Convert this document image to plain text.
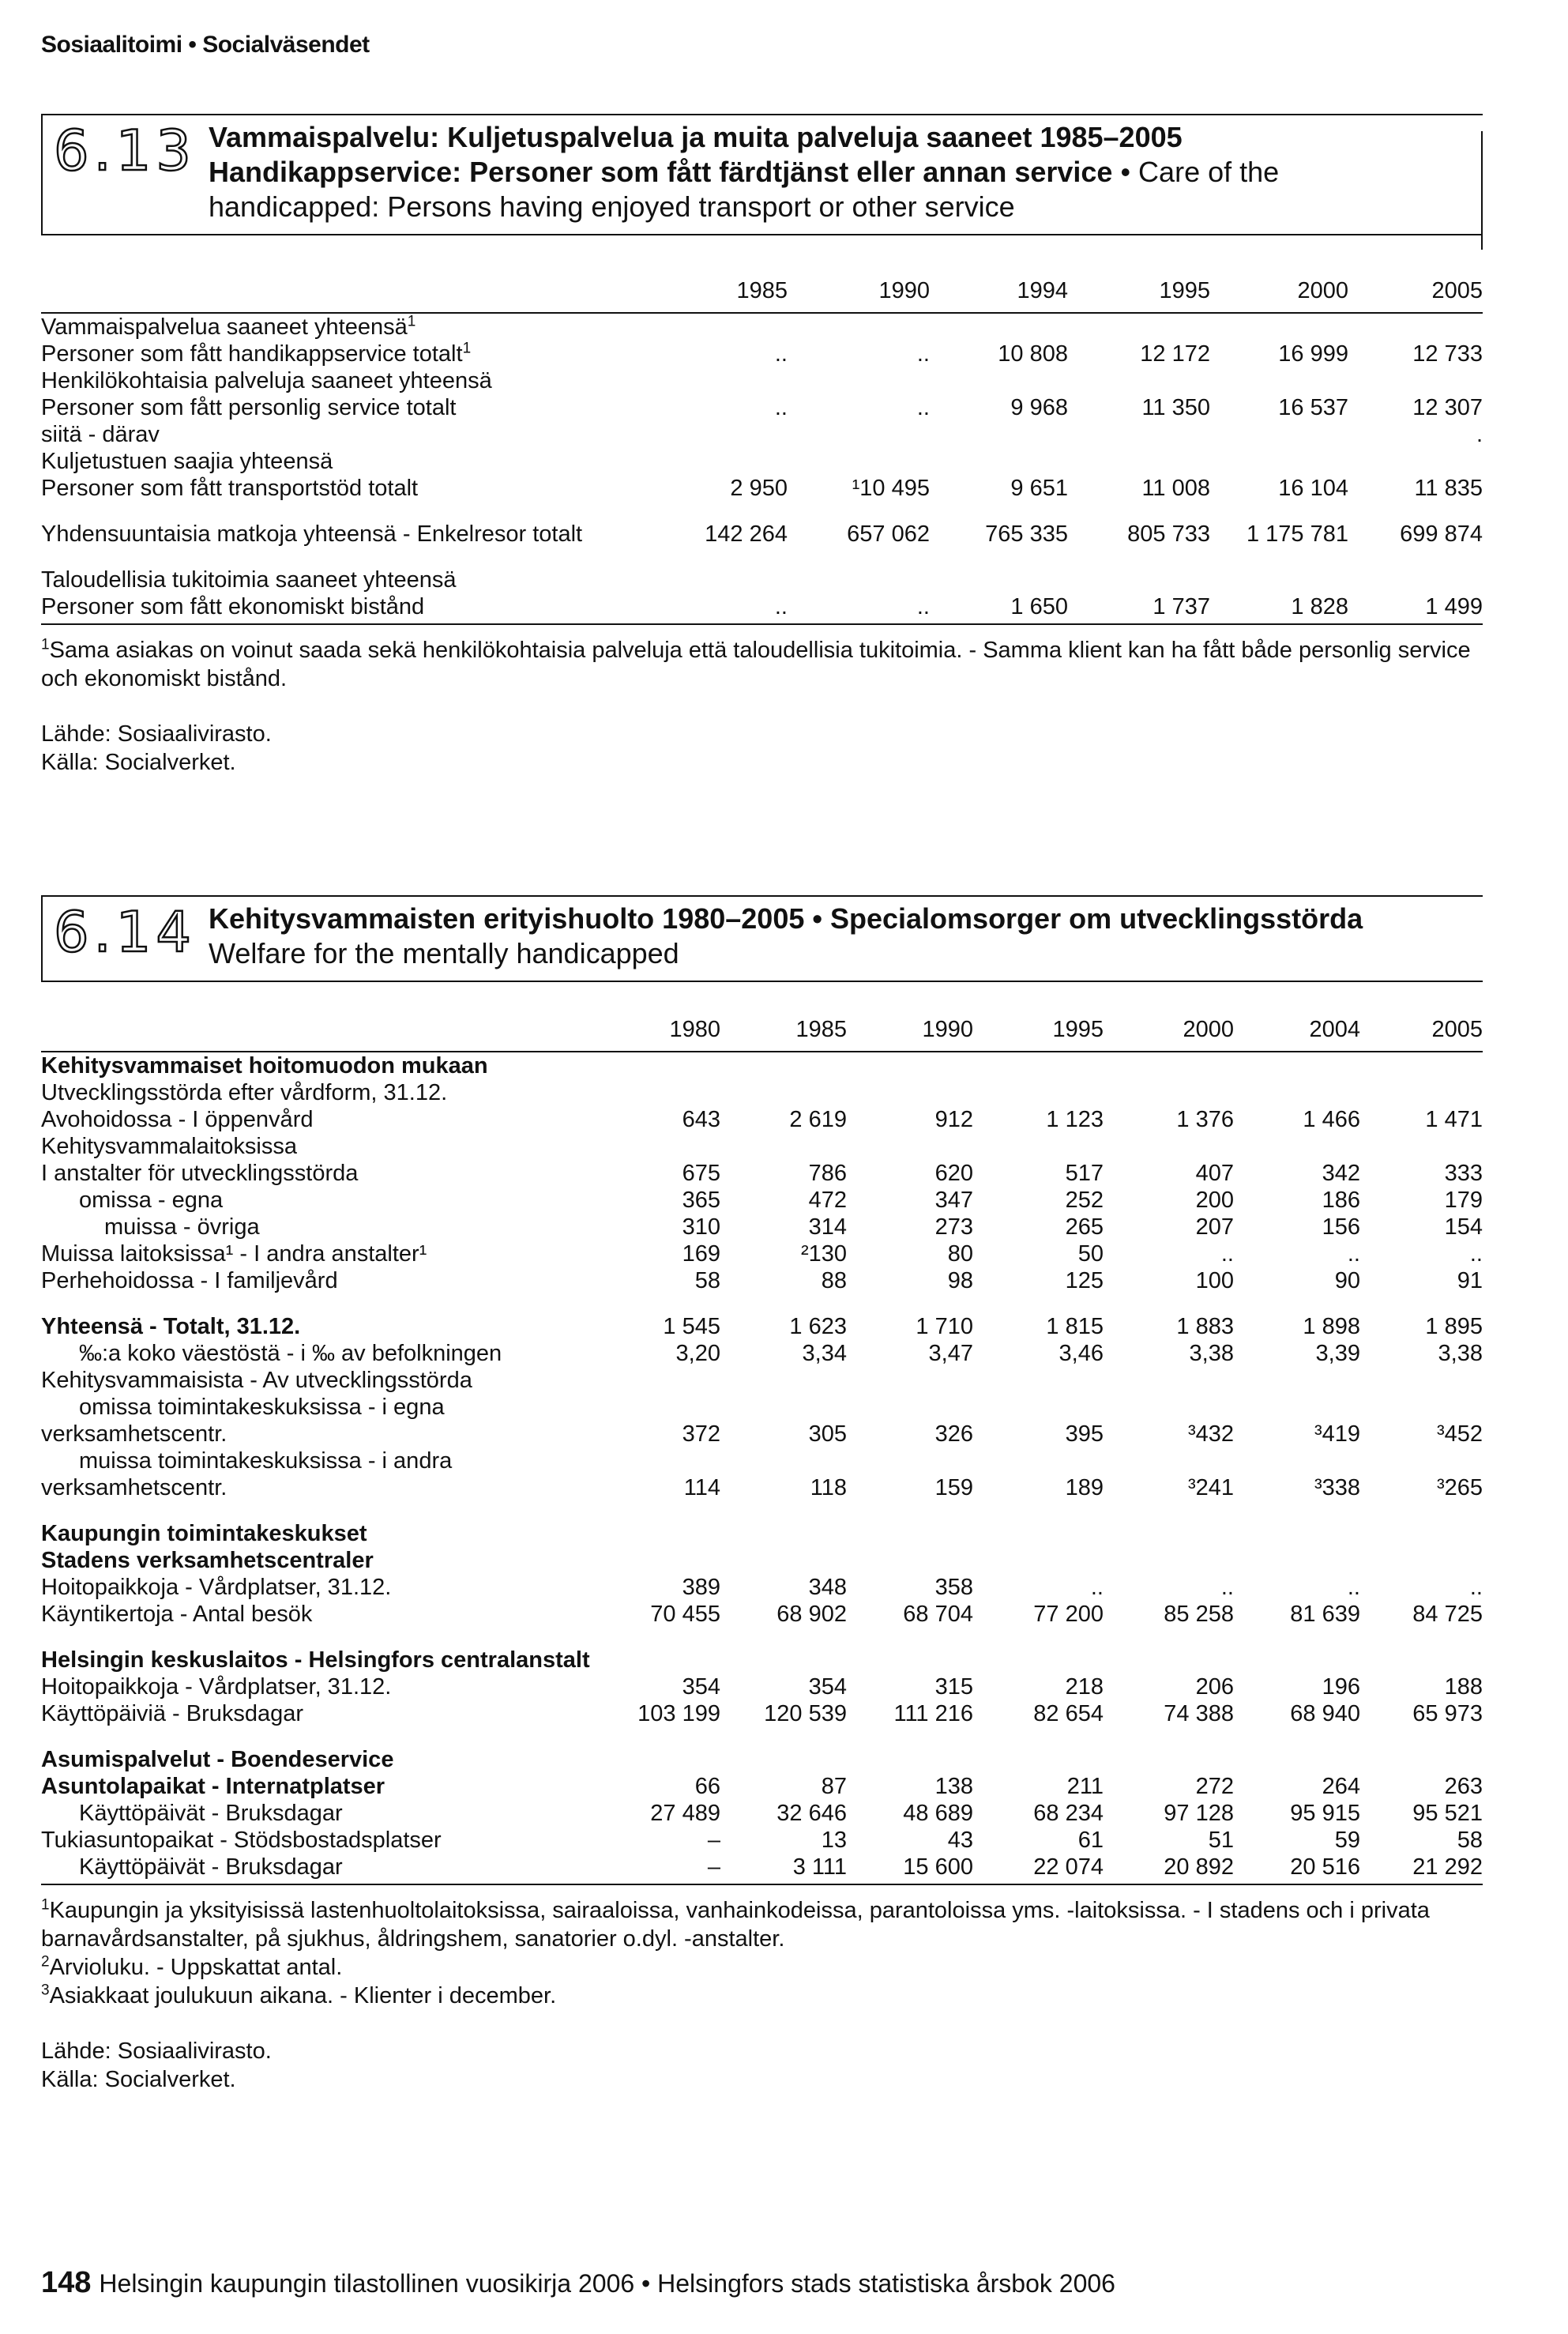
Sosiaalitoimi • Socialväsendet
6.13 Vammaispalvelu: Kuljetuspalvelua ja muita palveluja saaneet 1985–2005
Handikappservice: Personer som fått färdtjänst eller annan service • Care of the
handicapped: Persons having enjoyed transport or other service
	1985	1990	1994	1995	2000	2005
Vammaispalvelua saaneet yhteensä$^1$						
Personer som fått handikappservice totalt$^1$	..	..	10 808	12 172	16 999	12 733
Henkilökohtaisia palveluja saaneet yhteensä						
Personer som fått personlig service totalt	..	..	9 968	11 350	16 537	12 307
siitä - därav						.
Kuljetustuen saajia yhteensä						
Personer som fått transportstöd totalt	2 950	¹10 495	9 651	11 008	16 104	11 835

Yhdensuuntaisia matkoja yhteensä - Enkelresor totalt	142 264	657 062	765 335	805 733	1 175 781	699 874

Taloudellisia tukitoimia saaneet yhteensä						
Personer som fått ekonomiskt bistånd	..	..	1 650	1 737	1 828	1 499
$^1$Sama asiakas on voinut saada sekä henkilökohtaisia palveluja että taloudellisia tukitoimia. - Samma klient kan ha fått både personlig service och ekonomiskt bistånd.
Lähde: Sosiaalivirasto.
Källa: Socialverket.
6.14 Kehitysvammaisten erityishuolto 1980–2005 • Specialomsorger om utvecklingsstörda
Welfare for the mentally handicapped
	1980	1985	1990	1995	2000	2004	2005
Kehitysvammaiset hoitomuodon mukaan							
Utvecklingsstörda efter vårdform, 31.12.							
Avohoidossa - I öppenvård	643	2 619	912	1 123	1 376	1 466	1 471
Kehitysvammalaitoksissa							
I anstalter för utvecklingsstörda	675	786	620	517	407	342	333
omissa - egna	365	472	347	252	200	186	179
muissa - övriga	310	314	273	265	207	156	154
Muissa laitoksissa¹ - I andra anstalter¹	169	²130	80	50	..	..	..
Perhehoidossa - I familjevård	58	88	98	125	100	90	91

Yhteensä - Totalt, 31.12.	1 545	1 623	1 710	1 815	1 883	1 898	1 895
‰:a koko väestöstä - i ‰ av befolkningen	3,20	3,34	3,47	3,46	3,38	3,39	3,38
Kehitysvammaisista - Av utvecklingsstörda							
omissa toimintakeskuksissa - i egna							
verksamhetscentr.	372	305	326	395	³432	³419	³452
muissa toimintakeskuksissa - i andra							
verksamhetscentr.	114	118	159	189	³241	³338	³265

Kaupungin toimintakeskukset							
Stadens verksamhetscentraler							
Hoitopaikkoja - Vårdplatser, 31.12.	389	348	358	..	..	..	..
Käyntikertoja - Antal besök	70 455	68 902	68 704	77 200	85 258	81 639	84 725

Helsingin keskuslaitos - Helsingfors centralanstalt							
Hoitopaikkoja - Vårdplatser, 31.12.	354	354	315	218	206	196	188
Käyttöpäiviä - Bruksdagar	103 199	120 539	111 216	82 654	74 388	68 940	65 973

Asumispalvelut - Boendeservice							
Asuntolapaikat - Internatplatser	66	87	138	211	272	264	263
Käyttöpäivät - Bruksdagar	27 489	32 646	48 689	68 234	97 128	95 915	95 521
Tukiasuntopaikat - Stödsbostadsplatser	–	13	43	61	51	59	58
Käyttöpäivät - Bruksdagar	–	3 111	15 600	22 074	20 892	20 516	21 292
$^1$Kaupungin ja yksityisissä lastenhuoltolaitoksissa, sairaaloissa, vanhainkodeissa, parantoloissa yms. -laitoksissa. - I stadens och i privata barnavårdsanstalter, på sjukhus, åldringshem, sanatorier o.dyl. -anstalter.
$^2$Arvioluku. - Uppskattat antal.
$^3$Asiakkaat joulukuun aikana. - Klienter i december.
Lähde: Sosiaalivirasto.
Källa: Socialverket.
148 Helsingin kaupungin tilastollinen vuosikirja 2006 • Helsingfors stads statistiska årsbok 2006
